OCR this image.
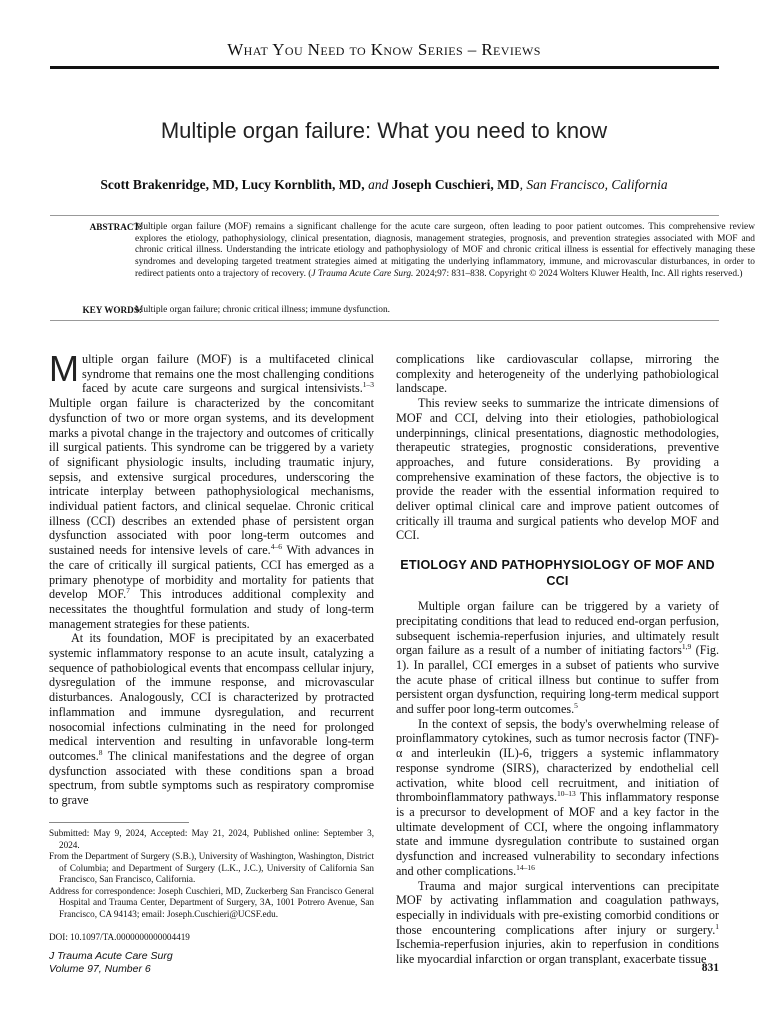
What You Need to Know Series – Reviews
Multiple organ failure: What you need to know
Scott Brakenridge, MD, Lucy Kornblith, MD, and Joseph Cuschieri, MD, San Francisco, California
ABSTRACT:
Multiple organ failure (MOF) remains a significant challenge for the acute care surgeon, often leading to poor patient outcomes. This comprehensive review explores the etiology, pathophysiology, clinical presentation, diagnosis, management strategies, prognosis, and prevention strategies associated with MOF and chronic critical illness. Understanding the intricate etiology and pathophysiology of MOF and chronic critical illness is essential for effectively managing these syndromes and developing targeted treatment strategies aimed at mitigating the underlying inflammatory, immune, and microvascular disturbances, in order to redirect patients onto a trajectory of recovery. (J Trauma Acute Care Surg. 2024;97: 831–838. Copyright © 2024 Wolters Kluwer Health, Inc. All rights reserved.)
KEY WORDS:
Multiple organ failure; chronic critical illness; immune dysfunction.

Multiple organ failure (MOF) is a multifaceted clinical syndrome that remains one the most challenging conditions faced by acute care surgeons and surgical intensivists.$^{1-3}$ Multiple organ failure is characterized by the concomitant dysfunction of two or more organ systems, and its development marks a pivotal change in the trajectory and outcomes of critically ill surgical patients. This syndrome can be triggered by a variety of significant physiologic insults, including traumatic injury, sepsis, and extensive surgical procedures, underscoring the intricate interplay between pathophysiological mechanisms, individual patient factors, and clinical sequelae. Chronic critical illness (CCI) describes an extended phase of persistent organ dysfunction associated with poor long-term outcomes and sustained needs for intensive levels of care.$^{4-6}$ With advances in the care of critically ill surgical patients, CCI has emerged as a primary phenotype of morbidity and mortality for patients that develop MOF.$^7$ This introduces additional complexity and necessitates the thoughtful formulation and study of long-term management strategies for these patients.

At its foundation, MOF is precipitated by an exacerbated systemic inflammatory response to an acute insult, catalyzing a sequence of pathobiological events that encompass cellular injury, dysregulation of the immune response, and microvascular disturbances. Analogously, CCI is characterized by protracted inflammation and immune dysregulation, and recurrent nosocomial infections culminating in the need for prolonged medical intervention and resulting in unfavorable long-term outcomes.$^8$ The clinical manifestations and the degree of organ dysfunction associated with these conditions span a broad spectrum, from subtle symptoms such as respiratory compromise to grave

complications like cardiovascular collapse, mirroring the complexity and heterogeneity of the underlying pathobiological landscape.

This review seeks to summarize the intricate dimensions of MOF and CCI, delving into their etiologies, pathobiological underpinnings, clinical presentations, diagnostic methodologies, therapeutic strategies, prognostic considerations, preventive approaches, and future considerations. By providing a comprehensive examination of these factors, the objective is to provide the reader with the essential information required to deliver optimal clinical care and improve patient outcomes of critically ill trauma and surgical patients who develop MOF and CCI.

ETIOLOGY AND PATHOPHYSIOLOGY OF MOF AND CCI

Multiple organ failure can be triggered by a variety of precipitating conditions that lead to reduced end-organ perfusion, subsequent ischemia-reperfusion injuries, and ultimately result organ failure as a result of a number of initiating factors$^{1,9}$ (Fig. 1). In parallel, CCI emerges in a subset of patients who survive the acute phase of critical illness but continue to suffer from persistent organ dysfunction, requiring long-term medical support and suffer poor long-term outcomes.$^5$

In the context of sepsis, the body's overwhelming release of proinflammatory cytokines, such as tumor necrosis factor (TNF)-α and interleukin (IL)-6, triggers a systemic inflammatory response syndrome (SIRS), characterized by endothelial cell activation, white blood cell recruitment, and initiation of thromboinflammatory pathways.$^{10-13}$ This inflammatory response is a precursor to development of MOF and a key factor in the ultimate development of CCI, where the ongoing inflammatory state and immune dysregulation contribute to sustained organ dysfunction and increased vulnerability to secondary infections and other complications.$^{14-16}$

Trauma and major surgical interventions can precipitate MOF by activating inflammation and coagulation pathways, especially in individuals with pre-existing comorbid conditions or those encountering complications after injury or surgery.$^1$ Ischemia-reperfusion injuries, akin to reperfusion in conditions like myocardial infarction or organ transplant, exacerbate tissue

Submitted: May 9, 2024, Accepted: May 21, 2024, Published online: September 3, 2024.

From the Department of Surgery (S.B.), University of Washington, Washington, District of Columbia; and Department of Surgery (L.K., J.C.), University of California San Francisco, San Francisco, California.

Address for correspondence: Joseph Cuschieri, MD, Zuckerberg San Francisco General Hospital and Trauma Center, Department of Surgery, 3A, 1001 Potrero Avenue, San Francisco, CA 94143; email: Joseph.Cuschieri@UCSF.edu.

DOI: 10.1097/TA.0000000000004419

J Trauma Acute Care Surg
Volume 97, Number 6	831
